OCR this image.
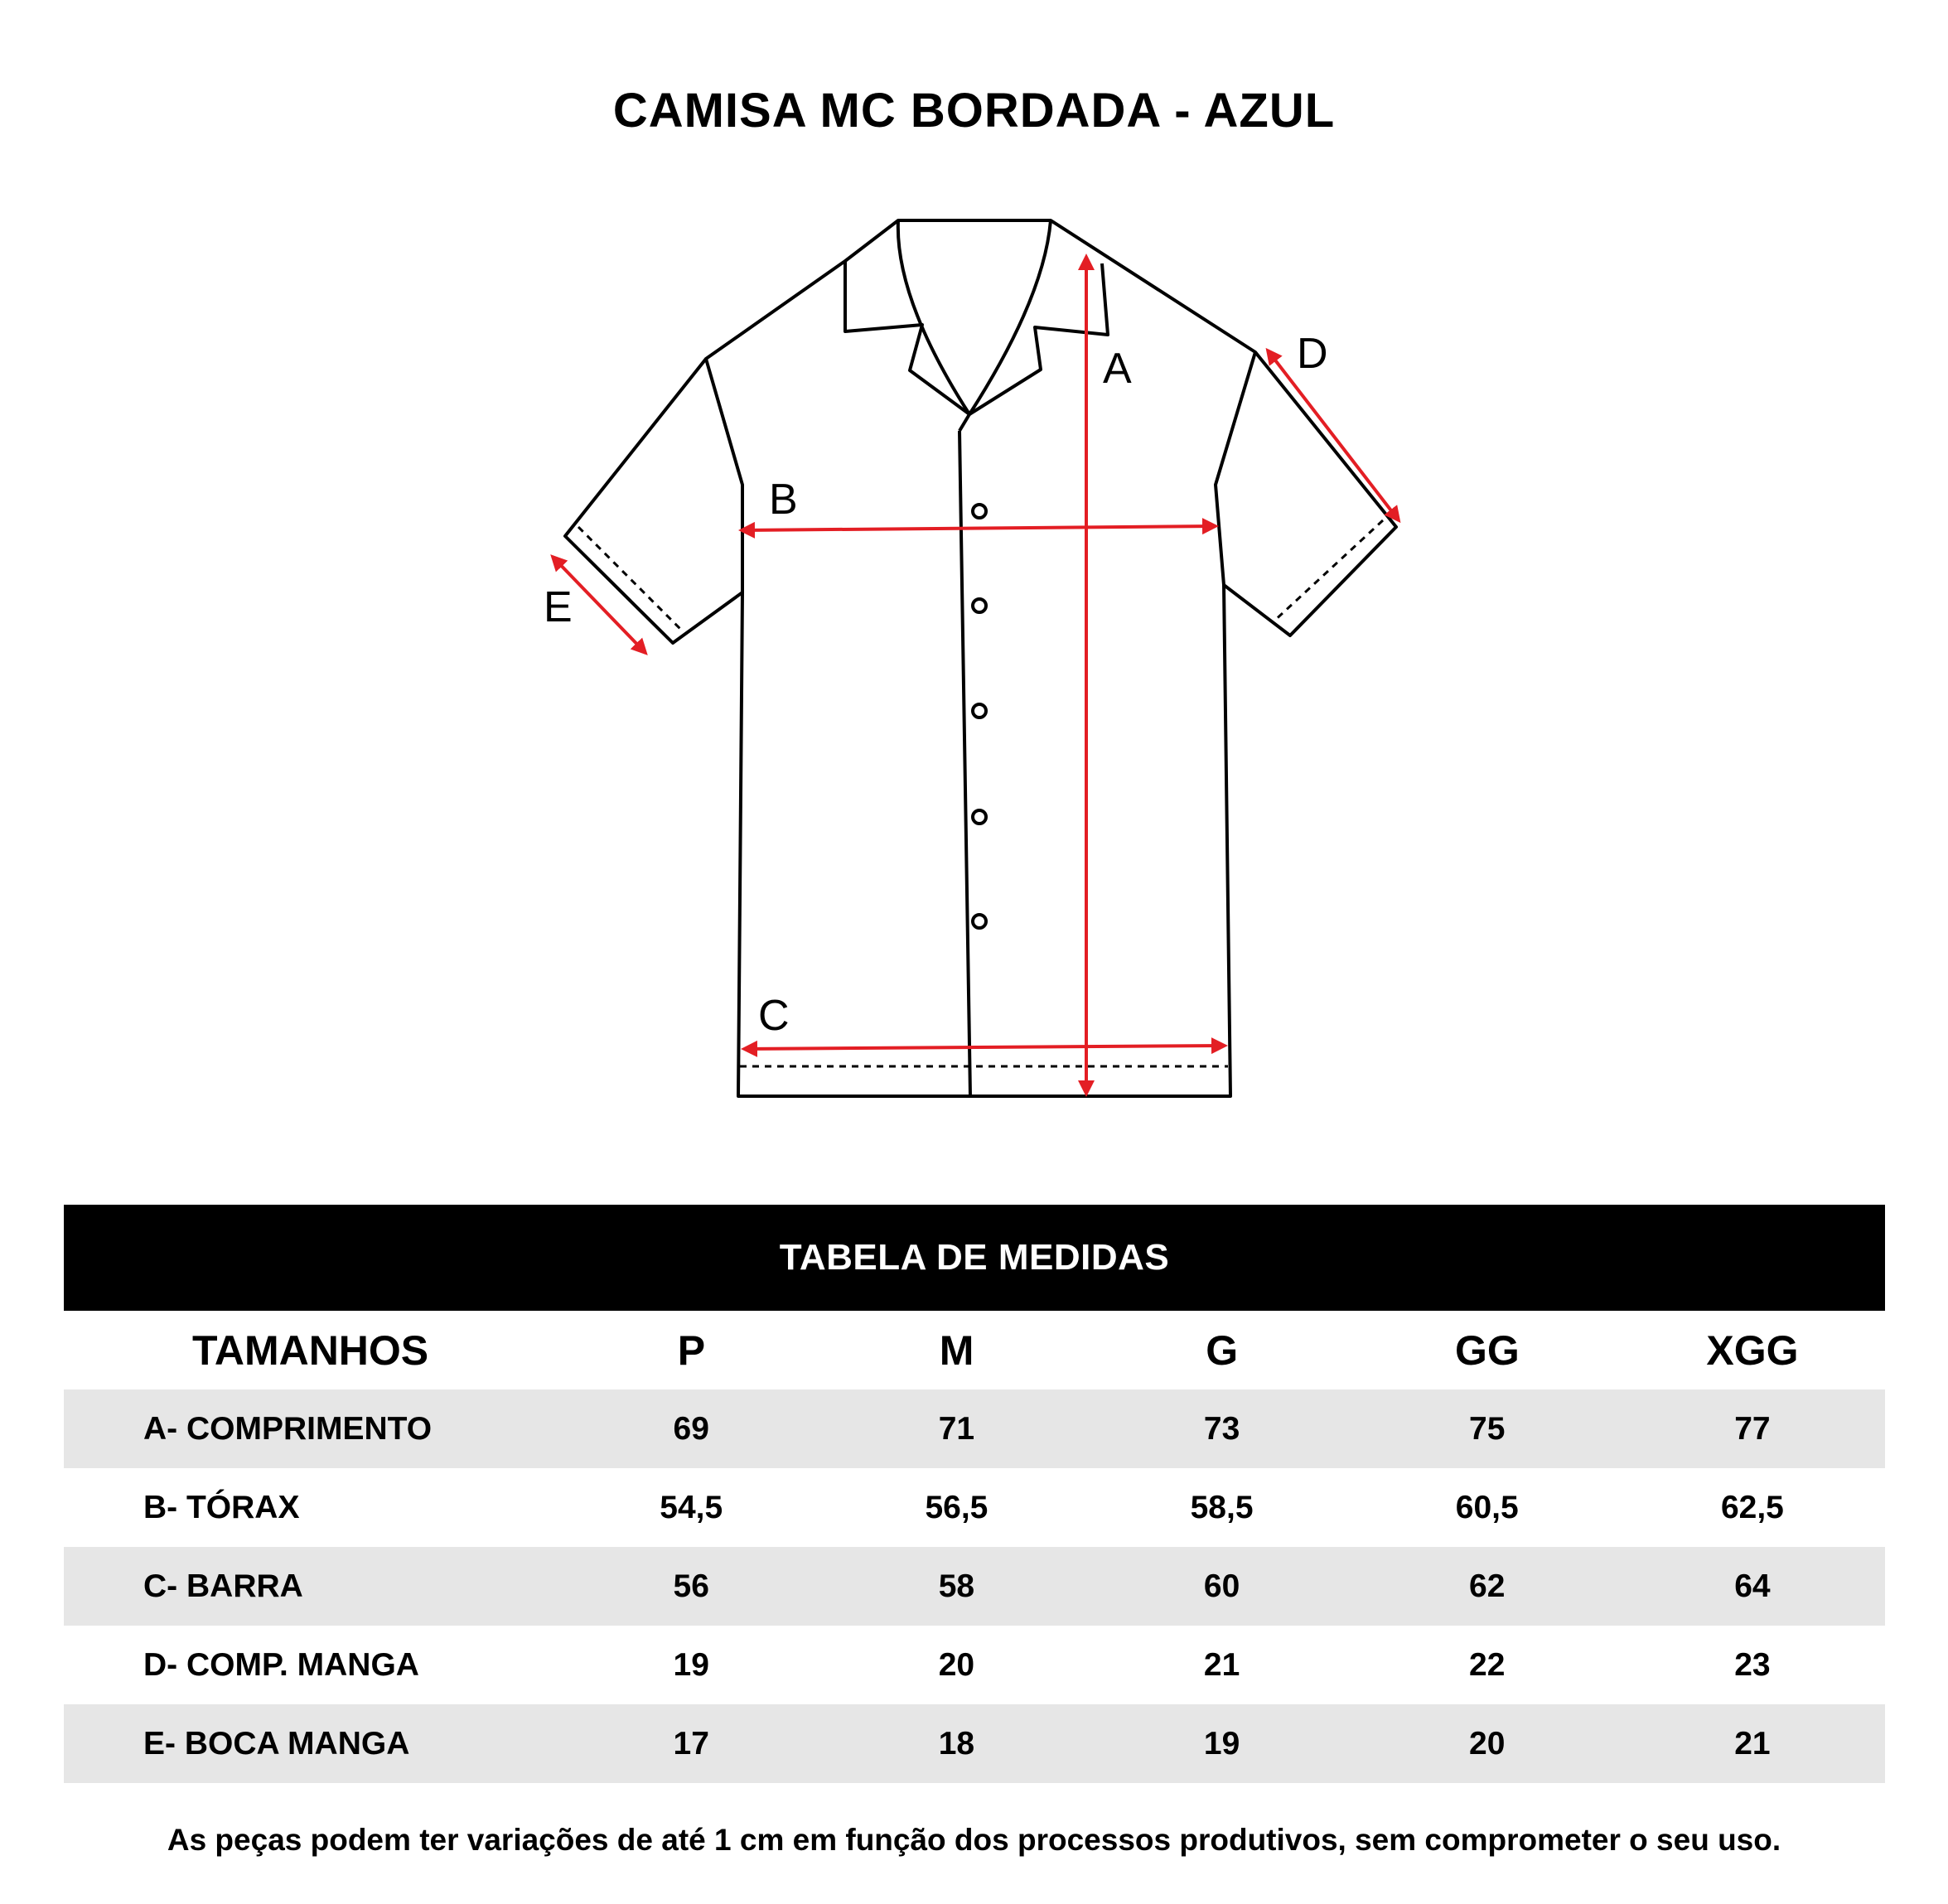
CAMISA MC BORDADA - AZUL
A
B
C
D
E
TABELA DE MEDIDAS
TAMANHOS	P	M	G	GG	XGG
A- COMPRIMENTO	69	71	73	75	77
B- TÓRAX	54,5	56,5	58,5	60,5	62,5
C- BARRA	56	58	60	62	64
D- COMP. MANGA	19	20	21	22	23
E- BOCA MANGA	17	18	19	20	21
As peças podem ter variações de até 1 cm em função dos processos produtivos, sem comprometer o seu uso.
